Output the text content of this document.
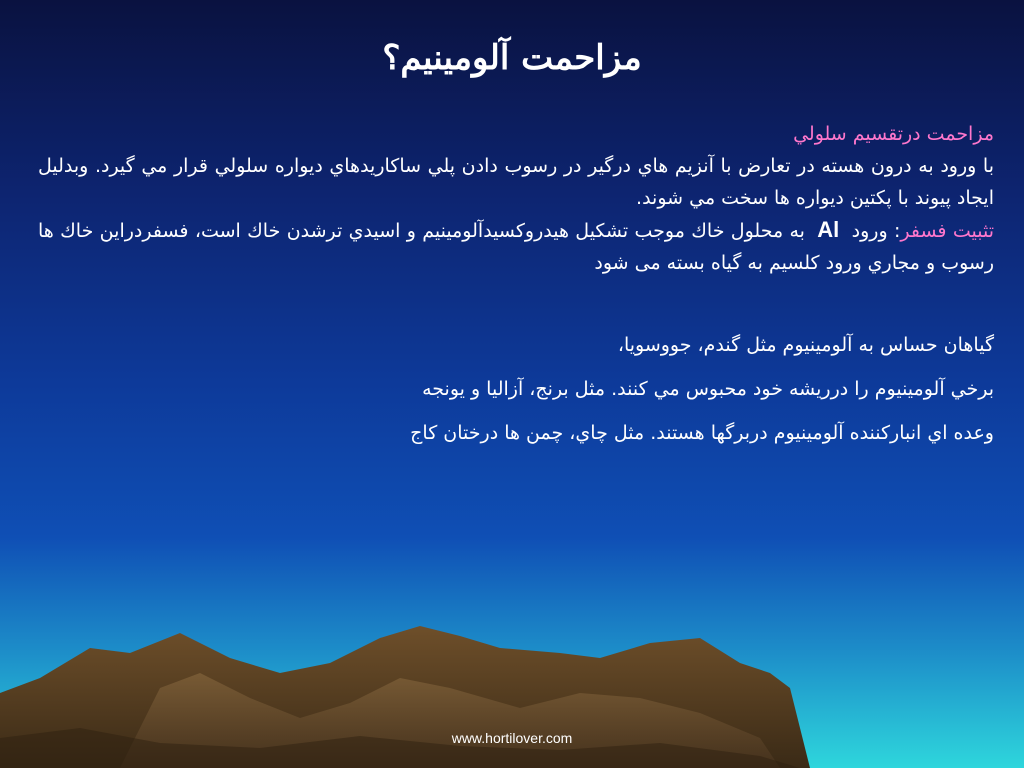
مزاحمت آلومينيم؟

مزاحمت درتقسيم سلولي

با ورود به درون هسته در تعارض با آنزيم هاي درگير در رسوب دادن پلي ساكاريدهاي ديواره سلولي قرار مي گيرد. وبدليل ايجاد پيوند با پكتين ديواره ها سخت مي شوند.

تثبيت فسفر: ورود Al به محلول خاك موجب تشكيل هيدروكسيدآلومينيم و اسيدي ترشدن خاك است، فسفردراين خاك ها رسوب و مجاري ورود كلسيم به گياه بسته می شود

گياهان حساس به آلومينيوم مثل گندم، جووسويا،

برخي آلومينيوم را درريشه خود محبوس مي كنند. مثل برنج، آزاليا و يونجه

وعده اي انباركننده آلومينيوم دربرگها هستند. مثل چاي، چمن ها درختان كاج

www.hortilover.com
